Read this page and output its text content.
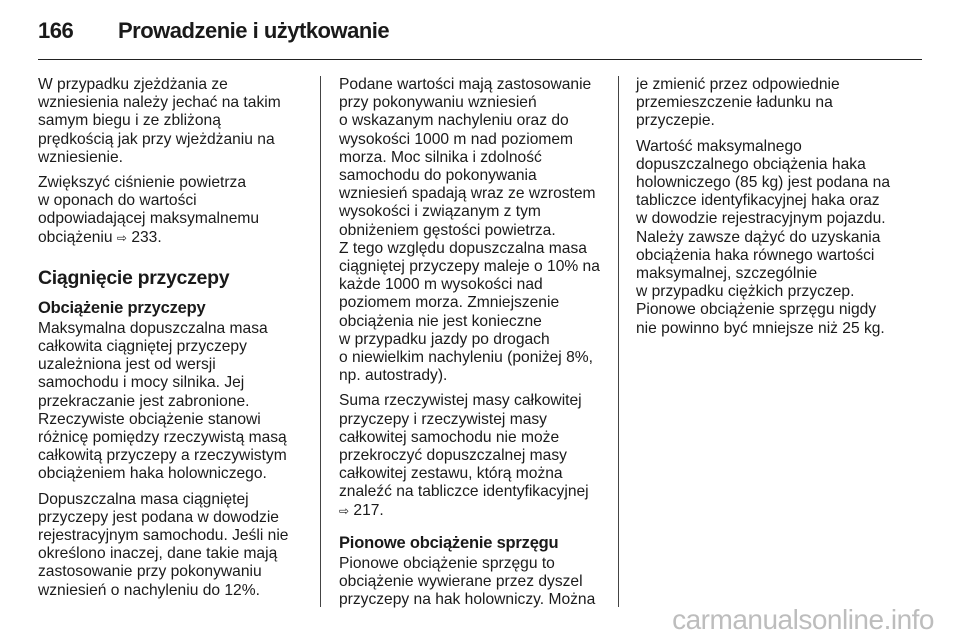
166	Prowadzenie i użytkowanie
W przypadku zjeżdżania ze
wzniesienia należy jechać na takim
samym biegu i ze zbliżoną
prędkością jak przy wjeżdżaniu na
wzniesienie.
Zwiększyć ciśnienie powietrza
w oponach do wartości
odpowiadającej maksymalnemu
obciążeniu ⇨ 233.
Ciągnięcie przyczepy
Obciążenie przyczepy
Maksymalna dopuszczalna masa
całkowita ciągniętej przyczepy
uzależniona jest od wersji
samochodu i mocy silnika. Jej
przekraczanie jest zabronione.
Rzeczywiste obciążenie stanowi
różnicę pomiędzy rzeczywistą masą
całkowitą przyczepy a rzeczywistym
obciążeniem haka holowniczego.
Dopuszczalna masa ciągniętej
przyczepy jest podana w dowodzie
rejestracyjnym samochodu. Jeśli nie
określono inaczej, dane takie mają
zastosowanie przy pokonywaniu
wzniesień o nachyleniu do 12%.
Podane wartości mają zastosowanie
przy pokonywaniu wzniesień
o wskazanym nachyleniu oraz do
wysokości 1000 m nad poziomem
morza. Moc silnika i zdolność
samochodu do pokonywania
wzniesień spadają wraz ze wzrostem
wysokości i związanym z tym
obniżeniem gęstości powietrza.
Z tego względu dopuszczalna masa
ciągniętej przyczepy maleje o 10% na
każde 1000 m wysokości nad
poziomem morza. Zmniejszenie
obciążenia nie jest konieczne
w przypadku jazdy po drogach
o niewielkim nachyleniu (poniżej 8%,
np. autostrady).
Suma rzeczywistej masy całkowitej
przyczepy i rzeczywistej masy
całkowitej samochodu nie może
przekroczyć dopuszczalnej masy
całkowitej zestawu, którą można
znaleźć na tabliczce identyfikacyjnej
⇨ 217.
Pionowe obciążenie sprzęgu
Pionowe obciążenie sprzęgu to
obciążenie wywierane przez dyszel
przyczepy na hak holowniczy. Można
je zmienić przez odpowiednie
przemieszczenie ładunku na
przyczepie.
Wartość maksymalnego
dopuszczalnego obciążenia haka
holowniczego (85 kg) jest podana na
tabliczce identyfikacyjnej haka oraz
w dowodzie rejestracyjnym pojazdu.
Należy zawsze dążyć do uzyskania
obciążenia haka równego wartości
maksymalnej, szczególnie
w przypadku ciężkich przyczep.
Pionowe obciążenie sprzęgu nigdy
nie powinno być mniejsze niż 25 kg.
carmanualsonline.info
